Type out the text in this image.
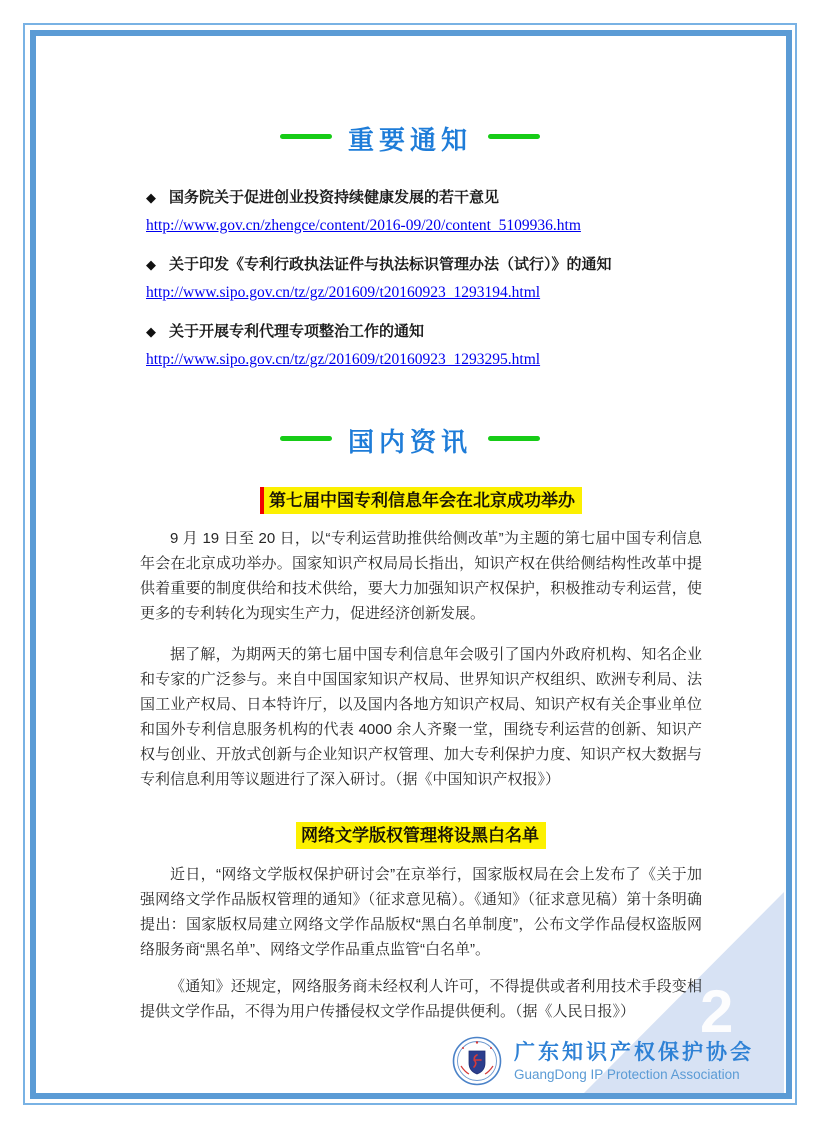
2
重要通知
◆ 国务院关于促进创业投资持续健康发展的若干意见
http://www.gov.cn/zhengce/content/2016-09/20/content_5109936.htm
◆ 关于印发《专利行政执法证件与执法标识管理办法（试行）》的通知
http://www.sipo.gov.cn/tz/gz/201609/t20160923_1293194.html
◆ 关于开展专利代理专项整治工作的通知
http://www.sipo.gov.cn/tz/gz/201609/t20160923_1293295.html
国内资讯
第七届中国专利信息年会在北京成功举办

9 月 19 日至 20 日，以“专利运营助推供给侧改革”为主题的第七届中国专利信息年会在北京成功举办。国家知识产权局局长指出，知识产权在供给侧结构性改革中提供着重要的制度供给和技术供给，要大力加强知识产权保护，积极推动专利运营，使更多的专利转化为现实生产力，促进经济创新发展。

据了解，为期两天的第七届中国专利信息年会吸引了国内外政府机构、知名企业和专家的广泛参与。来自中国国家知识产权局、世界知识产权组织、欧洲专利局、法国工业产权局、日本特许厅，以及国内各地方知识产权局、知识产权有关企事业单位和国外专利信息服务机构的代表 4000 余人齐聚一堂，围绕专利运营的创新、知识产权与创业、开放式创新与企业知识产权管理、加大专利保护力度、知识产权大数据与专利信息利用等议题进行了深入研讨。（据《中国知识产权报》）

网络文学版权管理将设黑白名单

近日，“网络文学版权保护研讨会”在京举行，国家版权局在会上发布了《关于加强网络文学作品版权管理的通知》（征求意见稿）。《通知》（征求意见稿）第十条明确提出：国家版权局建立网络文学作品版权“黑白名单制度”，公布文学作品侵权盗版网络服务商“黑名单”、网络文学作品重点监管“白名单”。

《通知》还规定，网络服务商未经权利人许可，不得提供或者利用技术手段变相提供文学作品，不得为用户传播侵权文学作品提供便利。（据《人民日报》）

广东知识产权保护协会
GuangDong IP Protection Association
